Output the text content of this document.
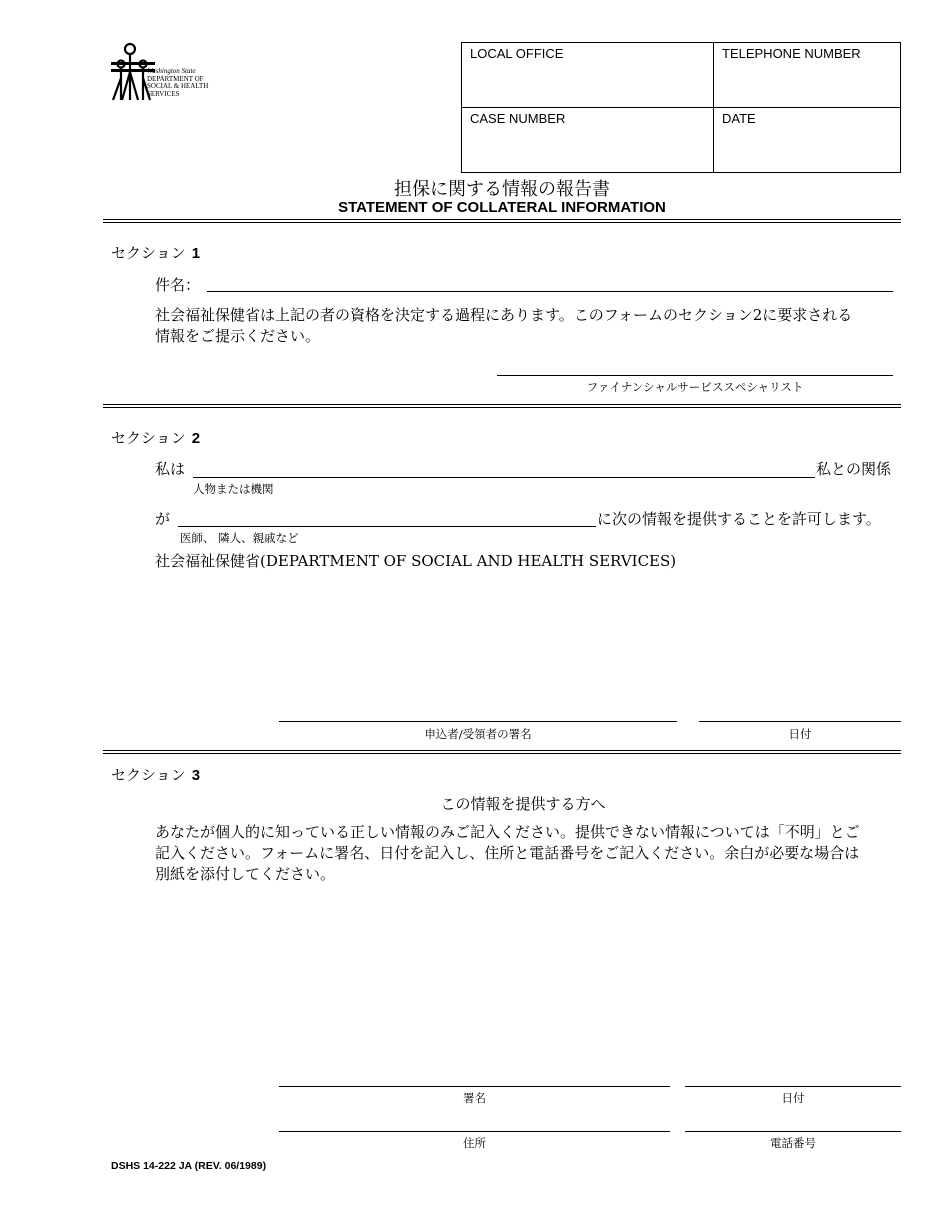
Washington State
DEPARTMENT OF
SOCIAL & HEALTH
SERVICES
LOCAL OFFICE	TELEPHONE NUMBER
CASE NUMBER	DATE
担保に関する情報の報告書
STATEMENT OF COLLATERAL INFORMATION
セクション 1
件名：
社会福祉保健省は上記の者の資格を決定する過程にあります。このフォームのセクション2に要求される
情報をご提示ください。
ファイナンシャルサービススペシャリスト
セクション 2
私は	私との関係
人物または機関
が	に次の情報を提供することを許可します。
医師、 隣人、親戚など
社会福祉保健省(DEPARTMENT OF SOCIAL AND HEALTH SERVICES)
申込者/受領者の署名	日付
セクション 3
この情報を提供する方へ
あなたが個人的に知っている正しい情報のみご記入ください。提供できない情報については「不明」とご
記入ください。フォームに署名、日付を記入し、住所と電話番号をご記入ください。余白が必要な場合は
別紙を添付してください。
署名	日付
住所	電話番号
DSHS 14-222 JA (REV. 06/1989)
